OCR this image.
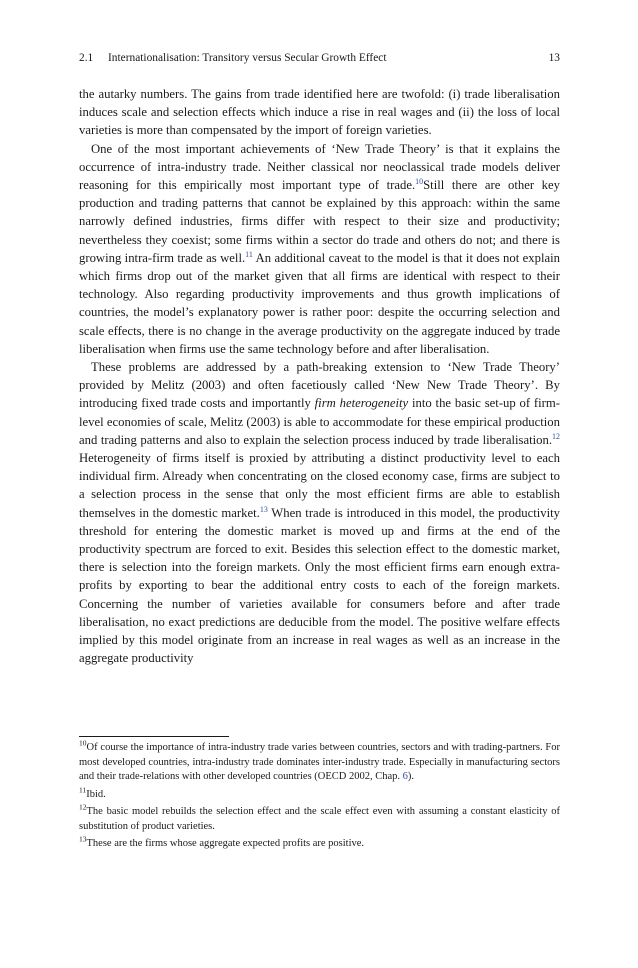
2.1 Internationalisation: Transitory versus Secular Growth Effect	13

the autarky numbers. The gains from trade identified here are twofold: (i) trade liberalisation induces scale and selection effects which induce a rise in real wages and (ii) the loss of local varieties is more than compensated by the import of foreign varieties.

One of the most important achievements of ‘New Trade Theory’ is that it explains the occurrence of intra-industry trade. Neither classical nor neoclassical trade models deliver reasoning for this empirically most important type of trade.$^{10}$Still there are other key production and trading patterns that cannot be explained by this approach: within the same narrowly defined industries, firms differ with respect to their size and productivity; nevertheless they coexist; some firms within a sector do trade and others do not; and there is growing intra-firm trade as well.$^{11}$ An additional caveat to the model is that it does not explain which firms drop out of the market given that all firms are identical with respect to their technology. Also regarding productivity improvements and thus growth implications of countries, the model’s explanatory power is rather poor: despite the occurring selection and scale effects, there is no change in the average productivity on the aggregate induced by trade liberalisation when firms use the same technology before and after liberalisation.

These problems are addressed by a path-breaking extension to ‘New Trade Theory’ provided by Melitz (2003) and often facetiously called ‘New New Trade Theory’. By introducing fixed trade costs and importantly firm heterogeneity into the basic set-up of firm-level economies of scale, Melitz (2003) is able to accommodate for these empirical production and trading patterns and also to explain the selection process induced by trade liberalisation.$^{12}$ Heterogeneity of firms itself is proxied by attributing a distinct productivity level to each individual firm. Already when concentrating on the closed economy case, firms are subject to a selection process in the sense that only the most efficient firms are able to establish themselves in the domestic market.$^{13}$ When trade is introduced in this model, the productivity threshold for entering the domestic market is moved up and firms at the end of the productivity spectrum are forced to exit. Besides this selection effect to the domestic market, there is selection into the foreign markets. Only the most efficient firms earn enough extra-profits by exporting to bear the additional entry costs to each of the foreign markets. Concerning the number of varieties available for consumers before and after trade liberalisation, no exact predictions are deducible from the model. The positive welfare effects implied by this model originate from an increase in real wages as well as an increase in the aggregate productivity

$^{10}$Of course the importance of intra-industry trade varies between countries, sectors and with trading-partners. For most developed countries, intra-industry trade dominates inter-industry trade. Especially in manufacturing sectors and their trade-relations with other developed countries (OECD 2002, Chap. 6).

$^{11}$Ibid.

$^{12}$The basic model rebuilds the selection effect and the scale effect even with assuming a constant elasticity of substitution of product varieties.

$^{13}$These are the firms whose aggregate expected profits are positive.
